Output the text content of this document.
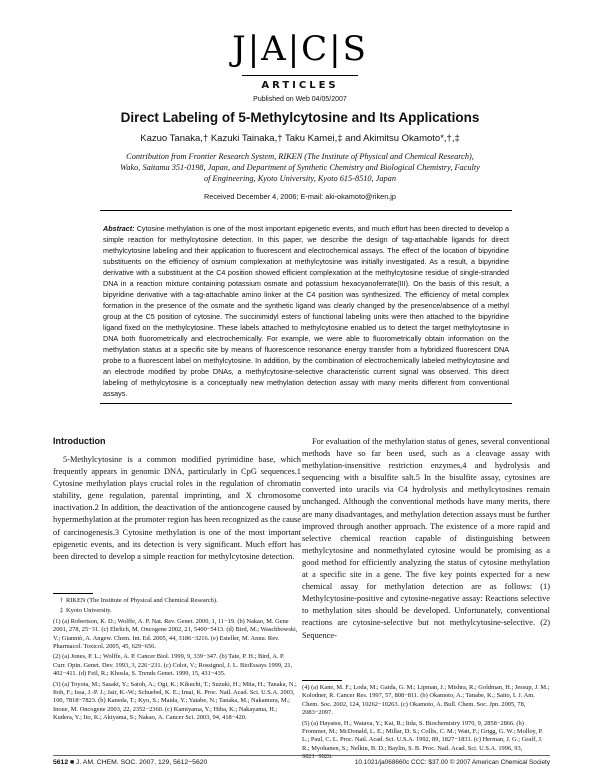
J|A|C|S
ARTICLES
Published on Web 04/05/2007
Direct Labeling of 5-Methylcytosine and Its Applications
Kazuo Tanaka,† Kazuki Tainaka,† Taku Kamei,‡ and Akimitsu Okamoto*,†,‡
Contribution from Frontier Research System, RIKEN (The Institute of Physical and Chemical Research), Wako, Saitama 351-0198, Japan, and Department of Synthetic Chemistry and Biological Chemistry, Faculty of Engineering, Kyoto University, Kyoto 615-8510, Japan
Received December 4, 2006; E-mail: aki-okamoto@riken.jp
Abstract: Cytosine methylation is one of the most important epigenetic events, and much effort has been directed to develop a simple reaction for methylcytosine detection. In this paper, we describe the design of tag-attachable ligands for direct methylcytosine labeling and their application to fluorescent and electrochemical assays. The effect of the location of bipyridine substituents on the efficiency of osmium complexation at methylcytosine was initially investigated. As a result, a bipyridine derivative with a substituent at the C4 position showed efficient complexation at the methylcytosine residue of single-stranded DNA in a reaction mixture containing potassium osmate and potassium hexacyanoferrate(III). On the basis of this result, a bipyridine derivative with a tag-attachable amino linker at the C4 position was synthesized. The efficiency of metal complex formation in the presence of the osmate and the synthetic ligand was clearly changed by the presence/absence of a methyl group at the C5 position of cytosine. The succinimidyl esters of functional labeling units were then attached to the bipyridine ligand fixed on the methylcytosine. These labels attached to methylcytosine enabled us to detect the target methylcytosine in DNA both fluorometrically and electrochemically. For example, we were able to fluorometrically obtain information on the methylation status at a specific site by means of fluorescence resonance energy transfer from a hybridized fluorescent DNA probe to a fluorescent label on methylcytosine. In addition, by the combination of electrochemically labeled methylcytosine and an electrode modified by probe DNAs, a methylcytosine-selective characteristic current signal was observed. This direct labeling of methylcytosine is a conceptually new methylation detection assay with many merits different from conventional assays.
Introduction

5-Methylcytosine is a common modified pyrimidine base, which frequently appears in genomic DNA, particularly in CpG sequences.1 Cytosine methylation plays crucial roles in the regulation of chromatin stability, gene regulation, parental imprinting, and X chromosome inactivation.2 In addition, the deactivation of the antioncogene caused by hypermethylation at the promoter region has been recognized as the cause of carcinogenesis.3 Cytosine methylation is one of the most important epigenetic events, and its detection is very significant. Much effort has been directed to develop a simple reaction for methylcytosine detection.

For evaluation of the methylation status of genes, several conventional methods have so far been used, such as a cleavage assay with methylation-insensitive restriction enzymes,4 and hydrolysis and sequencing with a bisulfite salt.5 In the bisulfite assay, cytosines are converted into uracils via C4 hydrolysis and methylcytosines remain unchanged. Although the conventional methods have many merits, there are many disadvantages, and methylation detection assays must be further improved through another approach. The existence of a more rapid and selective chemical reaction capable of distinguishing between methylcytosine and nonmethylated cytosine would be promising as a good method for efficiently analyzing the status of cytosine methylation at a specific site in a gene. The five key points expected for a new chemical assay for methylation detection are as follows: (1) Methylcytosine-positive and cytosine-negative assay: Reactions selective to methylation sites should be developed. Unfortunately, conventional reactions are cytosine-selective but not methylcytosine-selective. (2) Sequence-

† RIKEN (The Institute of Physical and Chemical Research).
‡ Kyoto University.
(1) (a) Robertson, K. D.; Wolffe, A. P. Nat. Rev. Genet. 2000, 1, 11−19. (b) Nakao, M. Gene 2001, 278, 25−31. (c) Ehrlich, M. Oncogene 2002, 21, 5400−5413. (d) Bird, M.; Waschbowski, V.; Gianniò, A. Angew. Chem. Int. Ed. 2005, 44, 3186−3216. (e) Esteller, M. Annu. Rev. Pharmacol. Toxicol. 2005, 45, 629−656.
(2) (a) Jones, P. L.; Wolffe, A. P. Cancer Biol. 1999, 9, 339−347. (b) Tate, P. H.; Bird, A. P. Curr. Opin. Genet. Dev. 1993, 3, 226−231. (c) Colot, V.; Rossignol, J. L. BioEssays 1999, 21, 402−411. (d) Feil, R.; Khosla, S. Trends Genet. 1999, 15, 431−435.
(3) (a) Toyota, M.; Sasaki, Y.; Satoh, A.; Ogi, K.; Kikuchi, T.; Suzuki, H.; Mita, H.; Tanaka, N.; Itoh, F.; Issa, J.-P. J.; Jair, K.-W.; Schuebel, K. E.; Imai, K. Proc. Natl. Acad. Sci. U.S.A. 2003, 100, 7818−7823. (b) Kaneda, T.; Kyo, S.; Maida, Y.; Yatabe, N.; Tanaka, M.; Nakamura, M.; Inoue, M. Oncogene 2003, 22, 2352−2360. (c) Kamiyama, Y.; Hiba, K.; Nakayama, H.; Kudera, Y.; Ito, K.; Akiyama, S.; Nakao, A. Cancer Sci. 2003, 94, 418−420.
(4) (a) Kane, M. F.; Loda, M.; Gaida, G. M.; Lipman, J.; Mishra, R.; Goldman, H.; Jessup, J. M.; Kolodner, R. Cancer Res. 1997, 57, 808−811. (b) Okamoto, A.; Tanabe, K.; Saito, I. J. Am. Chem. Soc. 2002, 124, 10262−10263. (c) Okamoto, A. Bull. Chem. Soc. Jpn. 2005, 78, 2083−2097.
(5) (a) Hayatsu, H.; Watava, Y.; Kai, R.; Iida, S. Biochemistry 1970, 9, 2858−2866. (b) Frommer, M.; McDonald, L. E.; Millar, D. S.; Collis, C. M.; Watt, F.; Grigg, G. W.; Molloy, P. L.; Paul, C. L. Proc. Natl. Acad. Sci. U.S.A. 1992, 89, 1827−1831. (c) Herman, J. G.; Graff, J. R.; Myohanen, S.; Nelkin, B. D.; Baylin, S. B. Proc. Natl. Acad. Sci. U.S.A. 1996, 93, 9821−9826.
5612 ■ J. AM. CHEM. SOC. 2007, 129, 5612−5620	10.1021/ja068660c CCC: $37.00 © 2007 American Chemical Society
